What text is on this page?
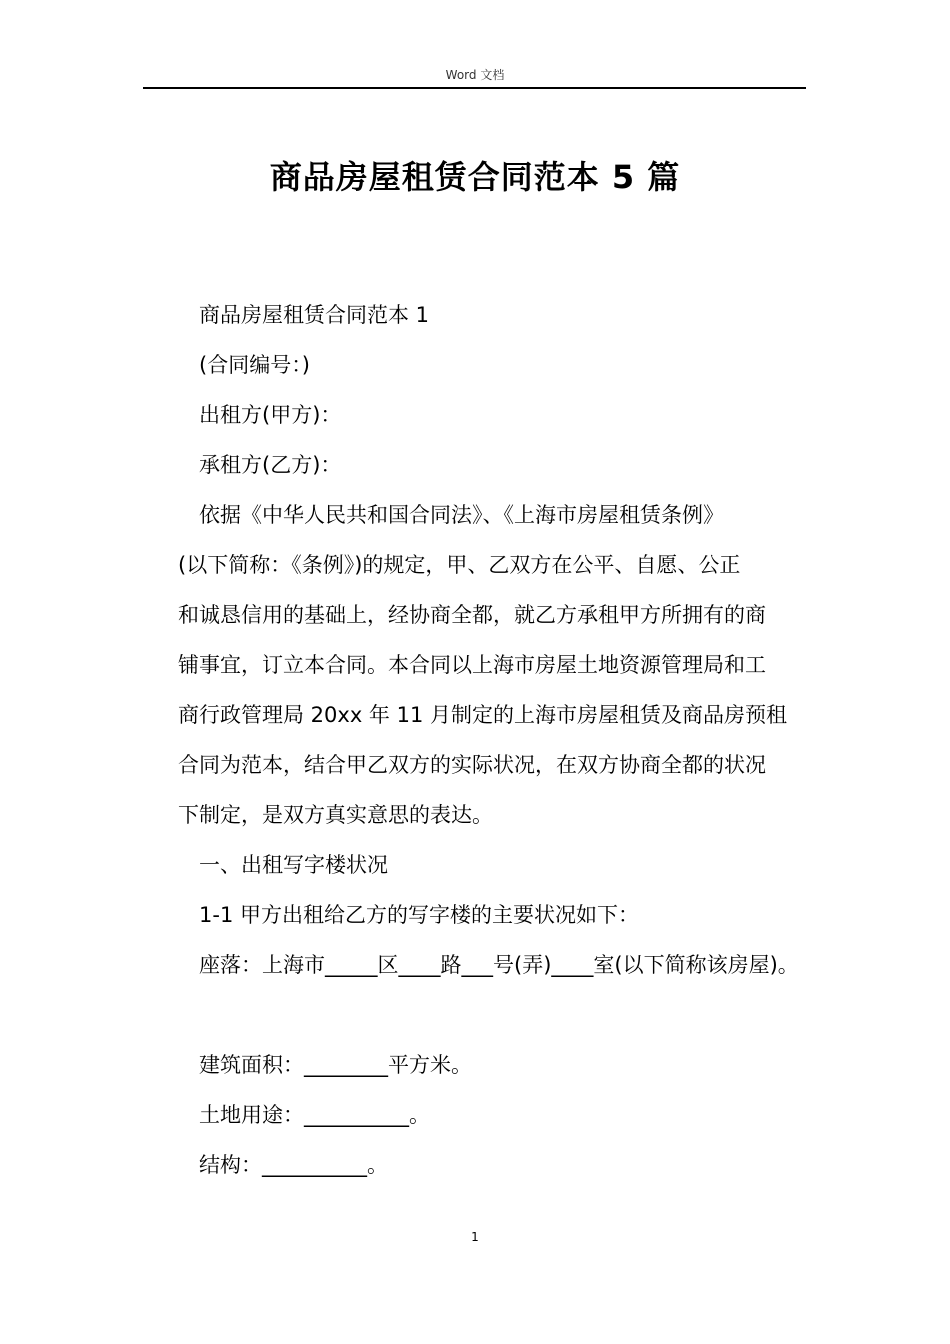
Word 文档
商品房屋租赁合同范本 5 篇
商品房屋租赁合同范本 1
(合同编号：)
出租方(甲方)：
承租方(乙方)：
依据《中华人民共和国合同法》、《上海市房屋租赁条例》
(以下简称：《条例》)的规定，甲、乙双方在公平、自愿、公正
和诚恳信用的基础上，经协商全都，就乙方承租甲方所拥有的商
铺事宜，订立本合同。本合同以上海市房屋土地资源管理局和工
商行政管理局 20xx 年 11 月制定的上海市房屋租赁及商品房预租
合同为范本，结合甲乙双方的实际状况，在双方协商全都的状况
下制定，是双方真实意思的表达。
一、出租写字楼状况
1-1 甲方出租给乙方的写字楼的主要状况如下：
座落：上海市_____区____路___号(弄)____室(以下简称该房屋)。
建筑面积：________平方米。
土地用途：__________。
结构：__________。
1
